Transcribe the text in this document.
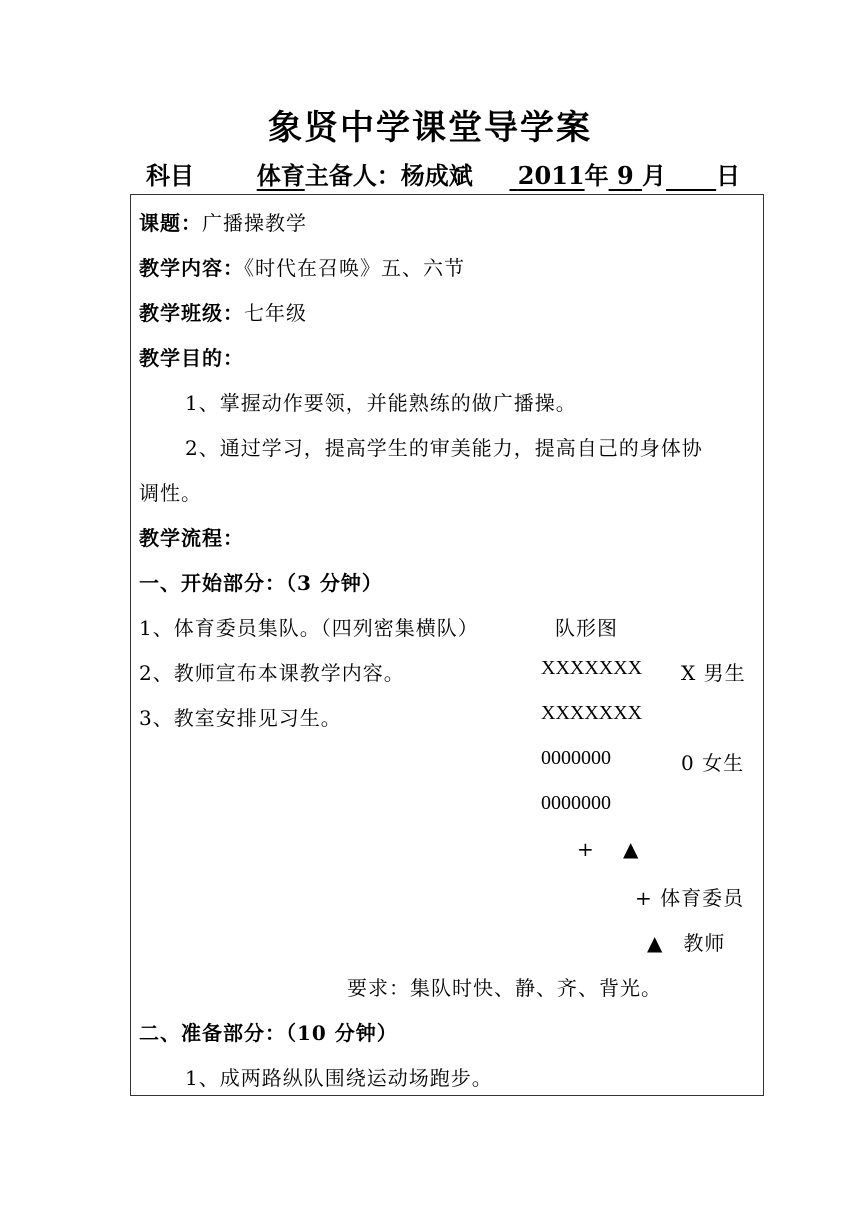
象贤中学课堂导学案
科目	体育主备人：杨成斌 2011年 9 月 日
课题：广播操教学
教学内容：《时代在召唤》五、六节
教学班级：七年级
教学目的：
1、掌握动作要领，并能熟练的做广播操。
2、通过学习，提高学生的审美能力，提高自己的身体协
调性。
教学流程：
一、开始部分：（3 分钟）
1、体育委员集队。（四列密集横队）
2、教师宣布本课教学内容。
3、教室安排见习生。
队形图
XXXXXXX X 男生
XXXXXXX
0000000	0 女生
0000000
+ ▲
+ 体育委员
▲ 教师
要求：集队时快、静、齐、背光。
二、准备部分：（10 分钟）
1、成两路纵队围绕运动场跑步。
